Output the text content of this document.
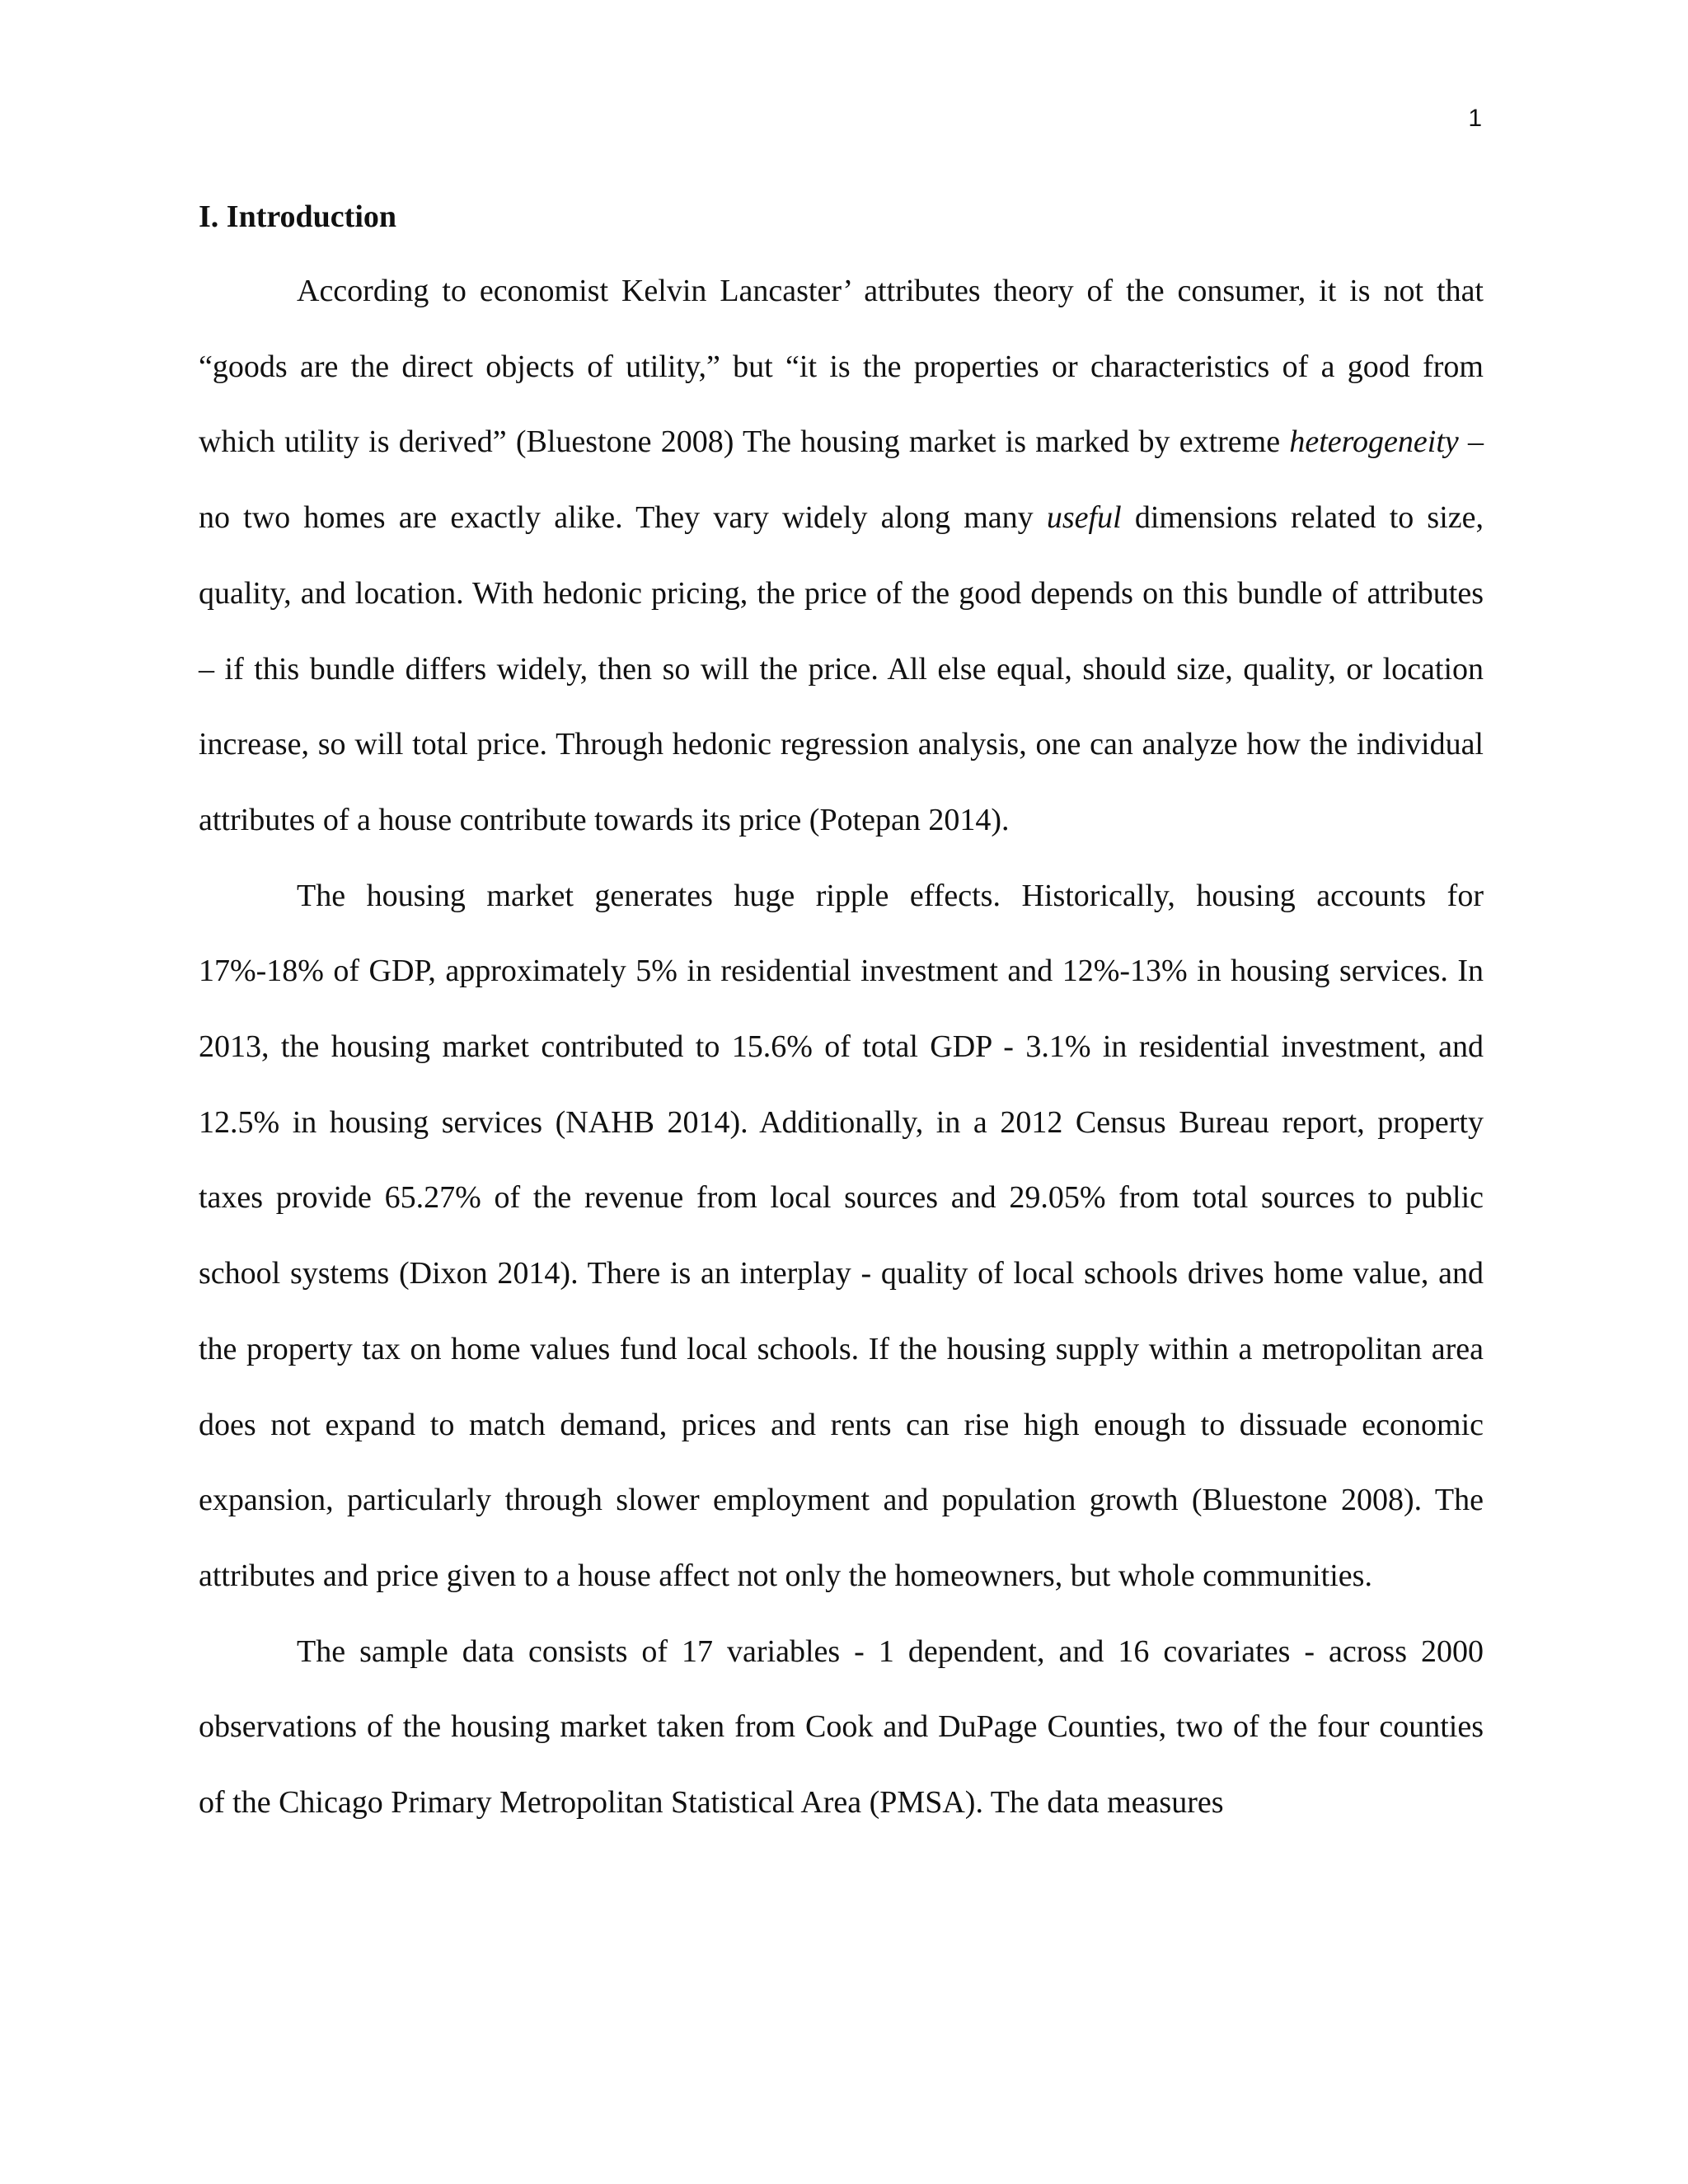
1
I. Introduction

According to economist Kelvin Lancaster’ attributes theory of the consumer, it is not that “goods are the direct objects of utility,” but “it is the properties or characteristics of a good from which utility is derived” (Bluestone 2008) The housing market is marked by extreme heterogeneity – no two homes are exactly alike. They vary widely along many useful dimensions related to size, quality, and location. With hedonic pricing, the price of the good depends on this bundle of attributes – if this bundle differs widely, then so will the price. All else equal, should size, quality, or location increase, so will total price. Through hedonic regression analysis, one can analyze how the individual attributes of a house contribute towards its price (Potepan 2014).

The housing market generates huge ripple effects. Historically, housing accounts for 17%-18% of GDP, approximately 5% in residential investment and 12%-13% in housing services. In 2013, the housing market contributed to 15.6% of total GDP - 3.1% in residential investment, and 12.5% in housing services (NAHB 2014). Additionally, in a 2012 Census Bureau report, property taxes provide 65.27% of the revenue from local sources and 29.05% from total sources to public school systems (Dixon 2014). There is an interplay - quality of local schools drives home value, and the property tax on home values fund local schools. If the housing supply within a metropolitan area does not expand to match demand, prices and rents can rise high enough to dissuade economic expansion, particularly through slower employment and population growth (Bluestone 2008). The attributes and price given to a house affect not only the homeowners, but whole communities.

The sample data consists of 17 variables - 1 dependent, and 16 covariates - across 2000 observations of the housing market taken from Cook and DuPage Counties, two of the four counties of the Chicago Primary Metropolitan Statistical Area (PMSA). The data measures
